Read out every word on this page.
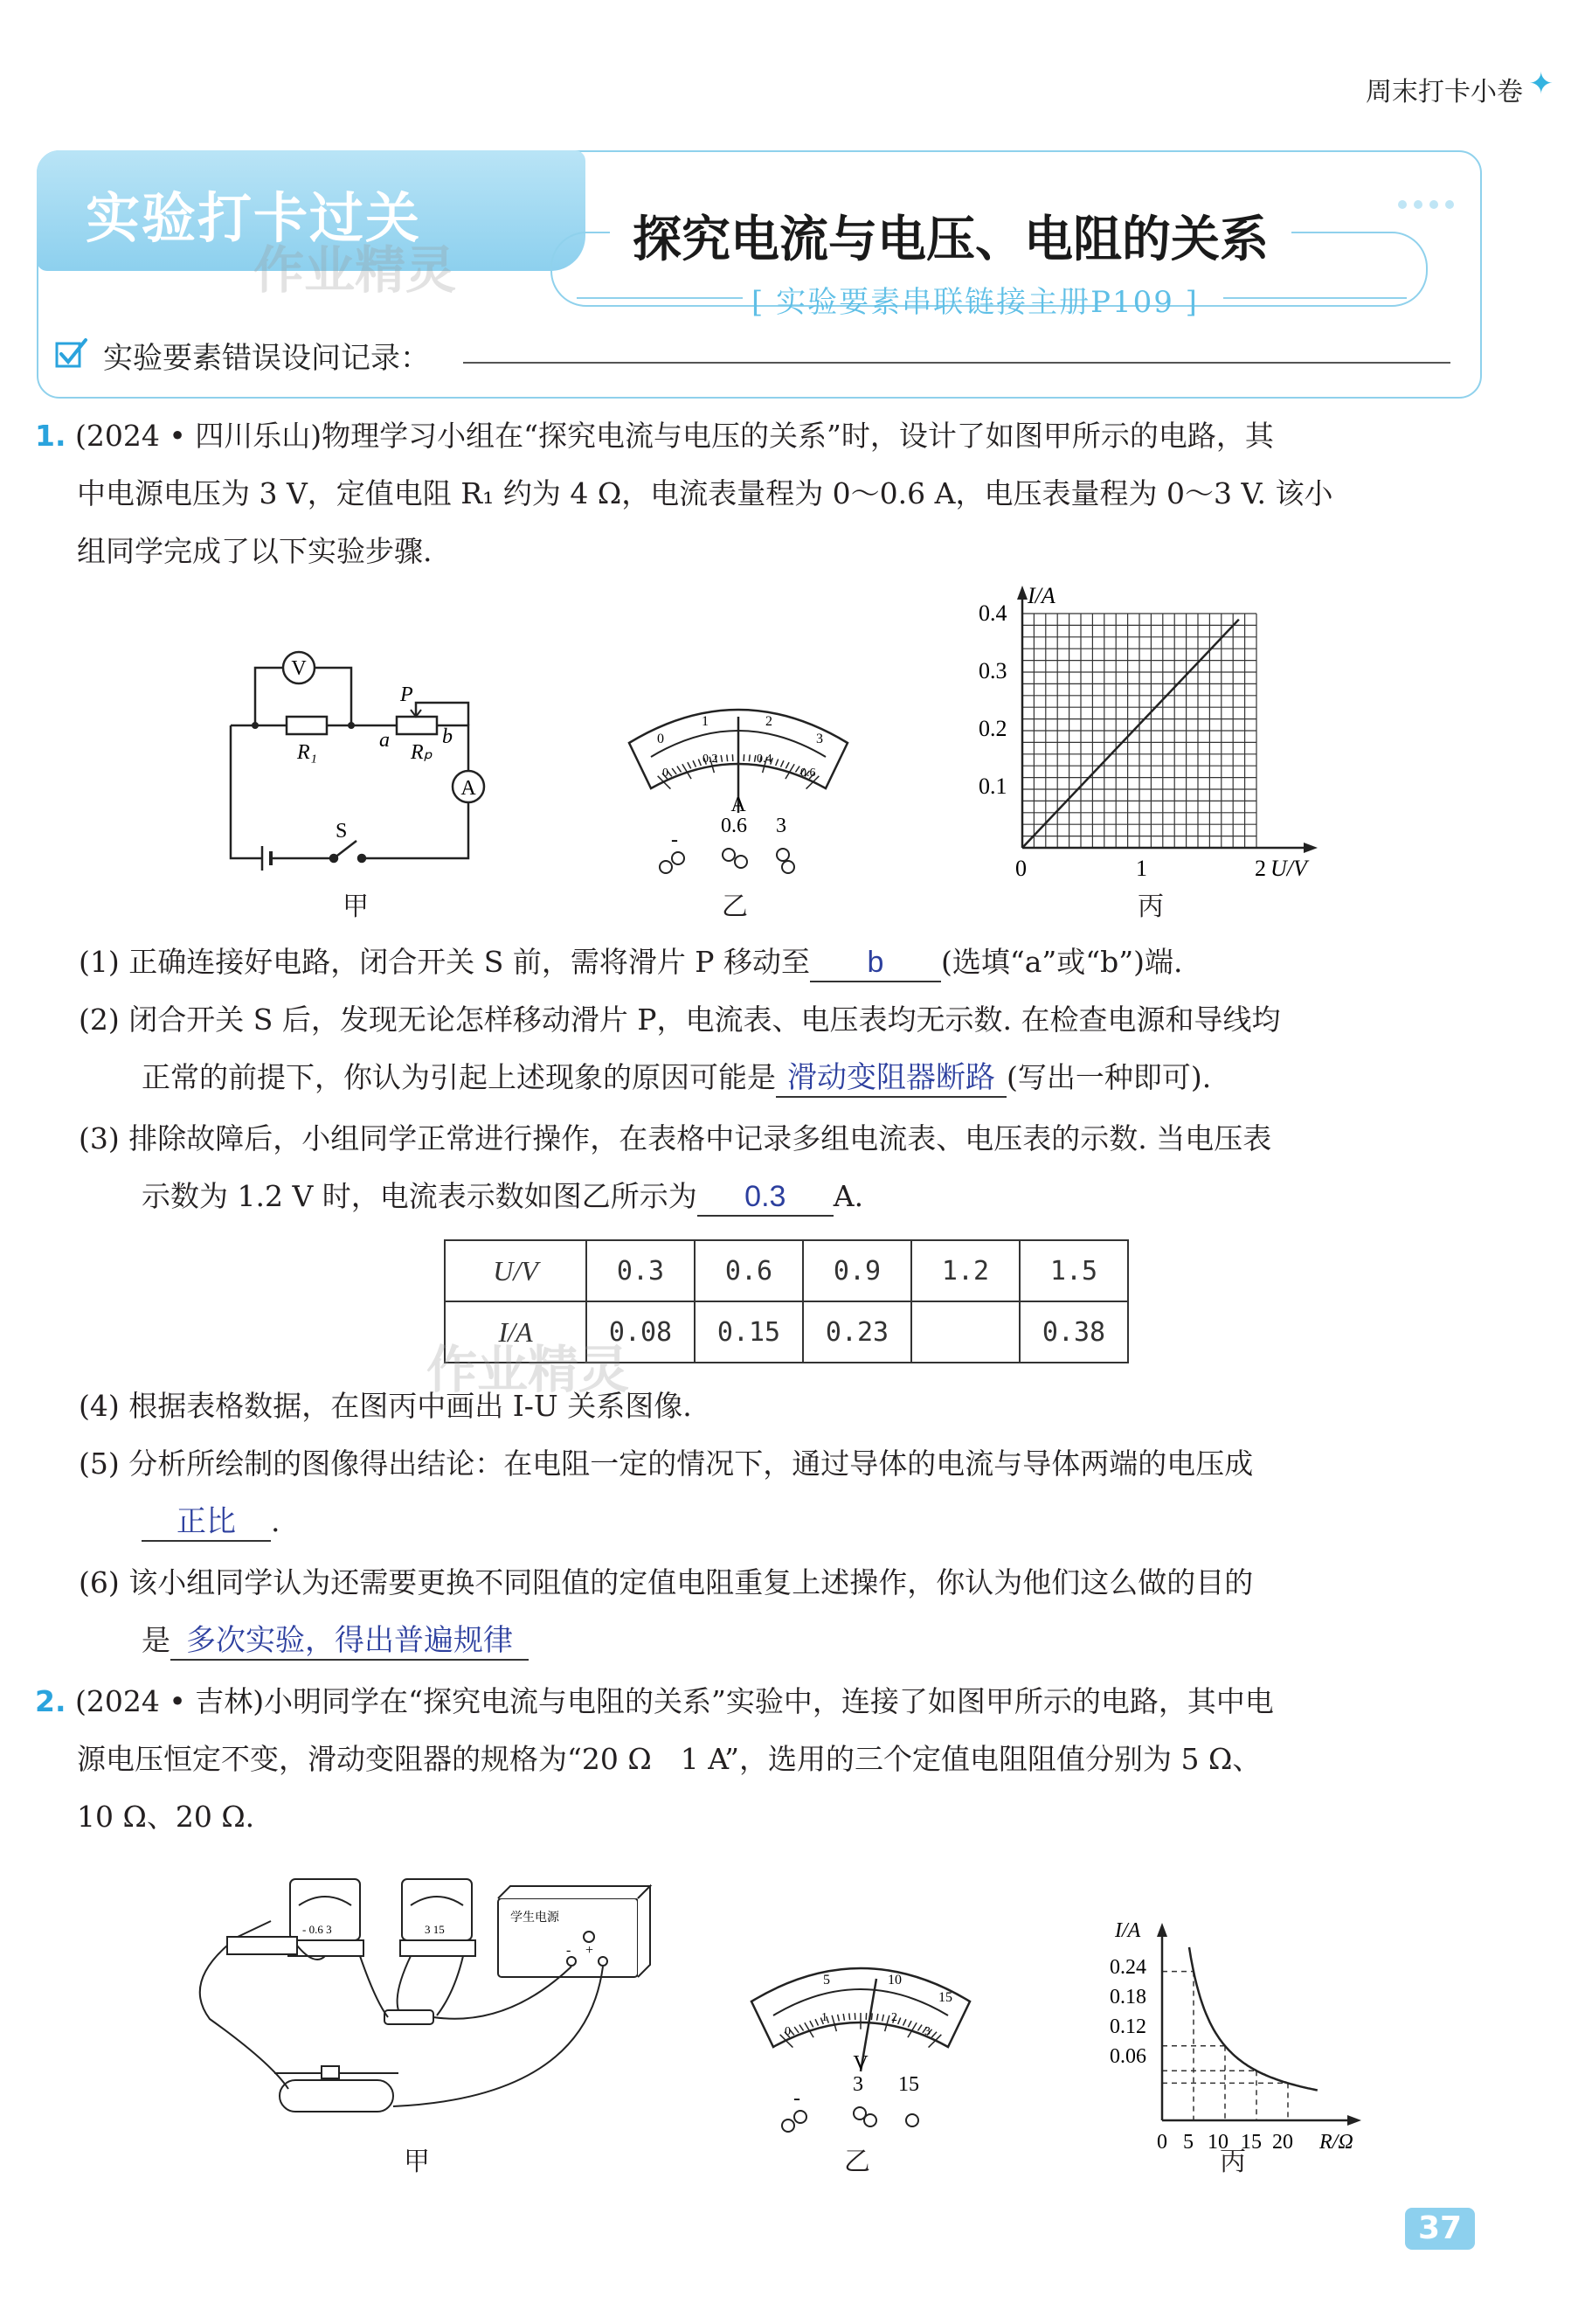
周末打卡小卷 ✦
实验打卡过关
作业精灵
探究电流与电压、电阻的关系
[ 实验要素串联链接主册P109 ]
实验要素错误设问记录：
1. (2024 • 四川乐山)物理学习小组在“探究电流与电压的关系”时，设计了如图甲所示的电路，其
中电源电压为 3 V，定值电阻 R₁ 约为 4 Ω，电流表量程为 0～0.6 A，电压表量程为 0～3 V. 该小
组同学完成了以下实验步骤.
V
A
R₁	Rₚ
P
a	b
S
甲
0
1	2
3
0
0.2	0.4
0.6
A
-
0.6 3
乙
I/A
U/V
0.4
0.3
0.2
0.1
0	1	2
丙
(1) 正确连接好电路，闭合开关 S 前，需将滑片 P 移动至 b (选填“a”或“b”)端.
(2) 闭合开关 S 后，发现无论怎样移动滑片 P，电流表、电压表均无示数. 在检查电源和导线均
正常的前提下，你认为引起上述现象的原因可能是 滑动变阻器断路 (写出一种即可).
(3) 排除故障后，小组同学正常进行操作，在表格中记录多组电流表、电压表的示数. 当电压表
示数为 1.2 V 时，电流表示数如图乙所示为 0.3 A.
U/V	0.3	0.6	0.9	1.2	1.5
I/A	0.08	0.15	0.23		0.38
作业精灵
(4) 根据表格数据，在图丙中画出 I-U 关系图像.
(5) 分析所绘制的图像得出结论：在电阻一定的情况下，通过导体的电流与导体两端的电压成
正比 .
(6) 该小组同学认为还需要更换不同阻值的定值电阻重复上述操作，你认为他们这么做的目的
是 多次实验，得出普遍规律
2. (2024 • 吉林)小明同学在“探究电流与电阻的关系”实验中，连接了如图甲所示的电路，其中电
源电压恒定不变，滑动变阻器的规格为“20 Ω　1 A”，选用的三个定值电阻阻值分别为 5 Ω、
10 Ω、20 Ω.
学生电源
- 0.6 3	3 15
+
-
甲
5	10
15
0
1	2
3
V
-
3 15
乙
I/A
R/Ω
0.24
0.18
0.12
0.06
0 5 10 15 20
丙
37
